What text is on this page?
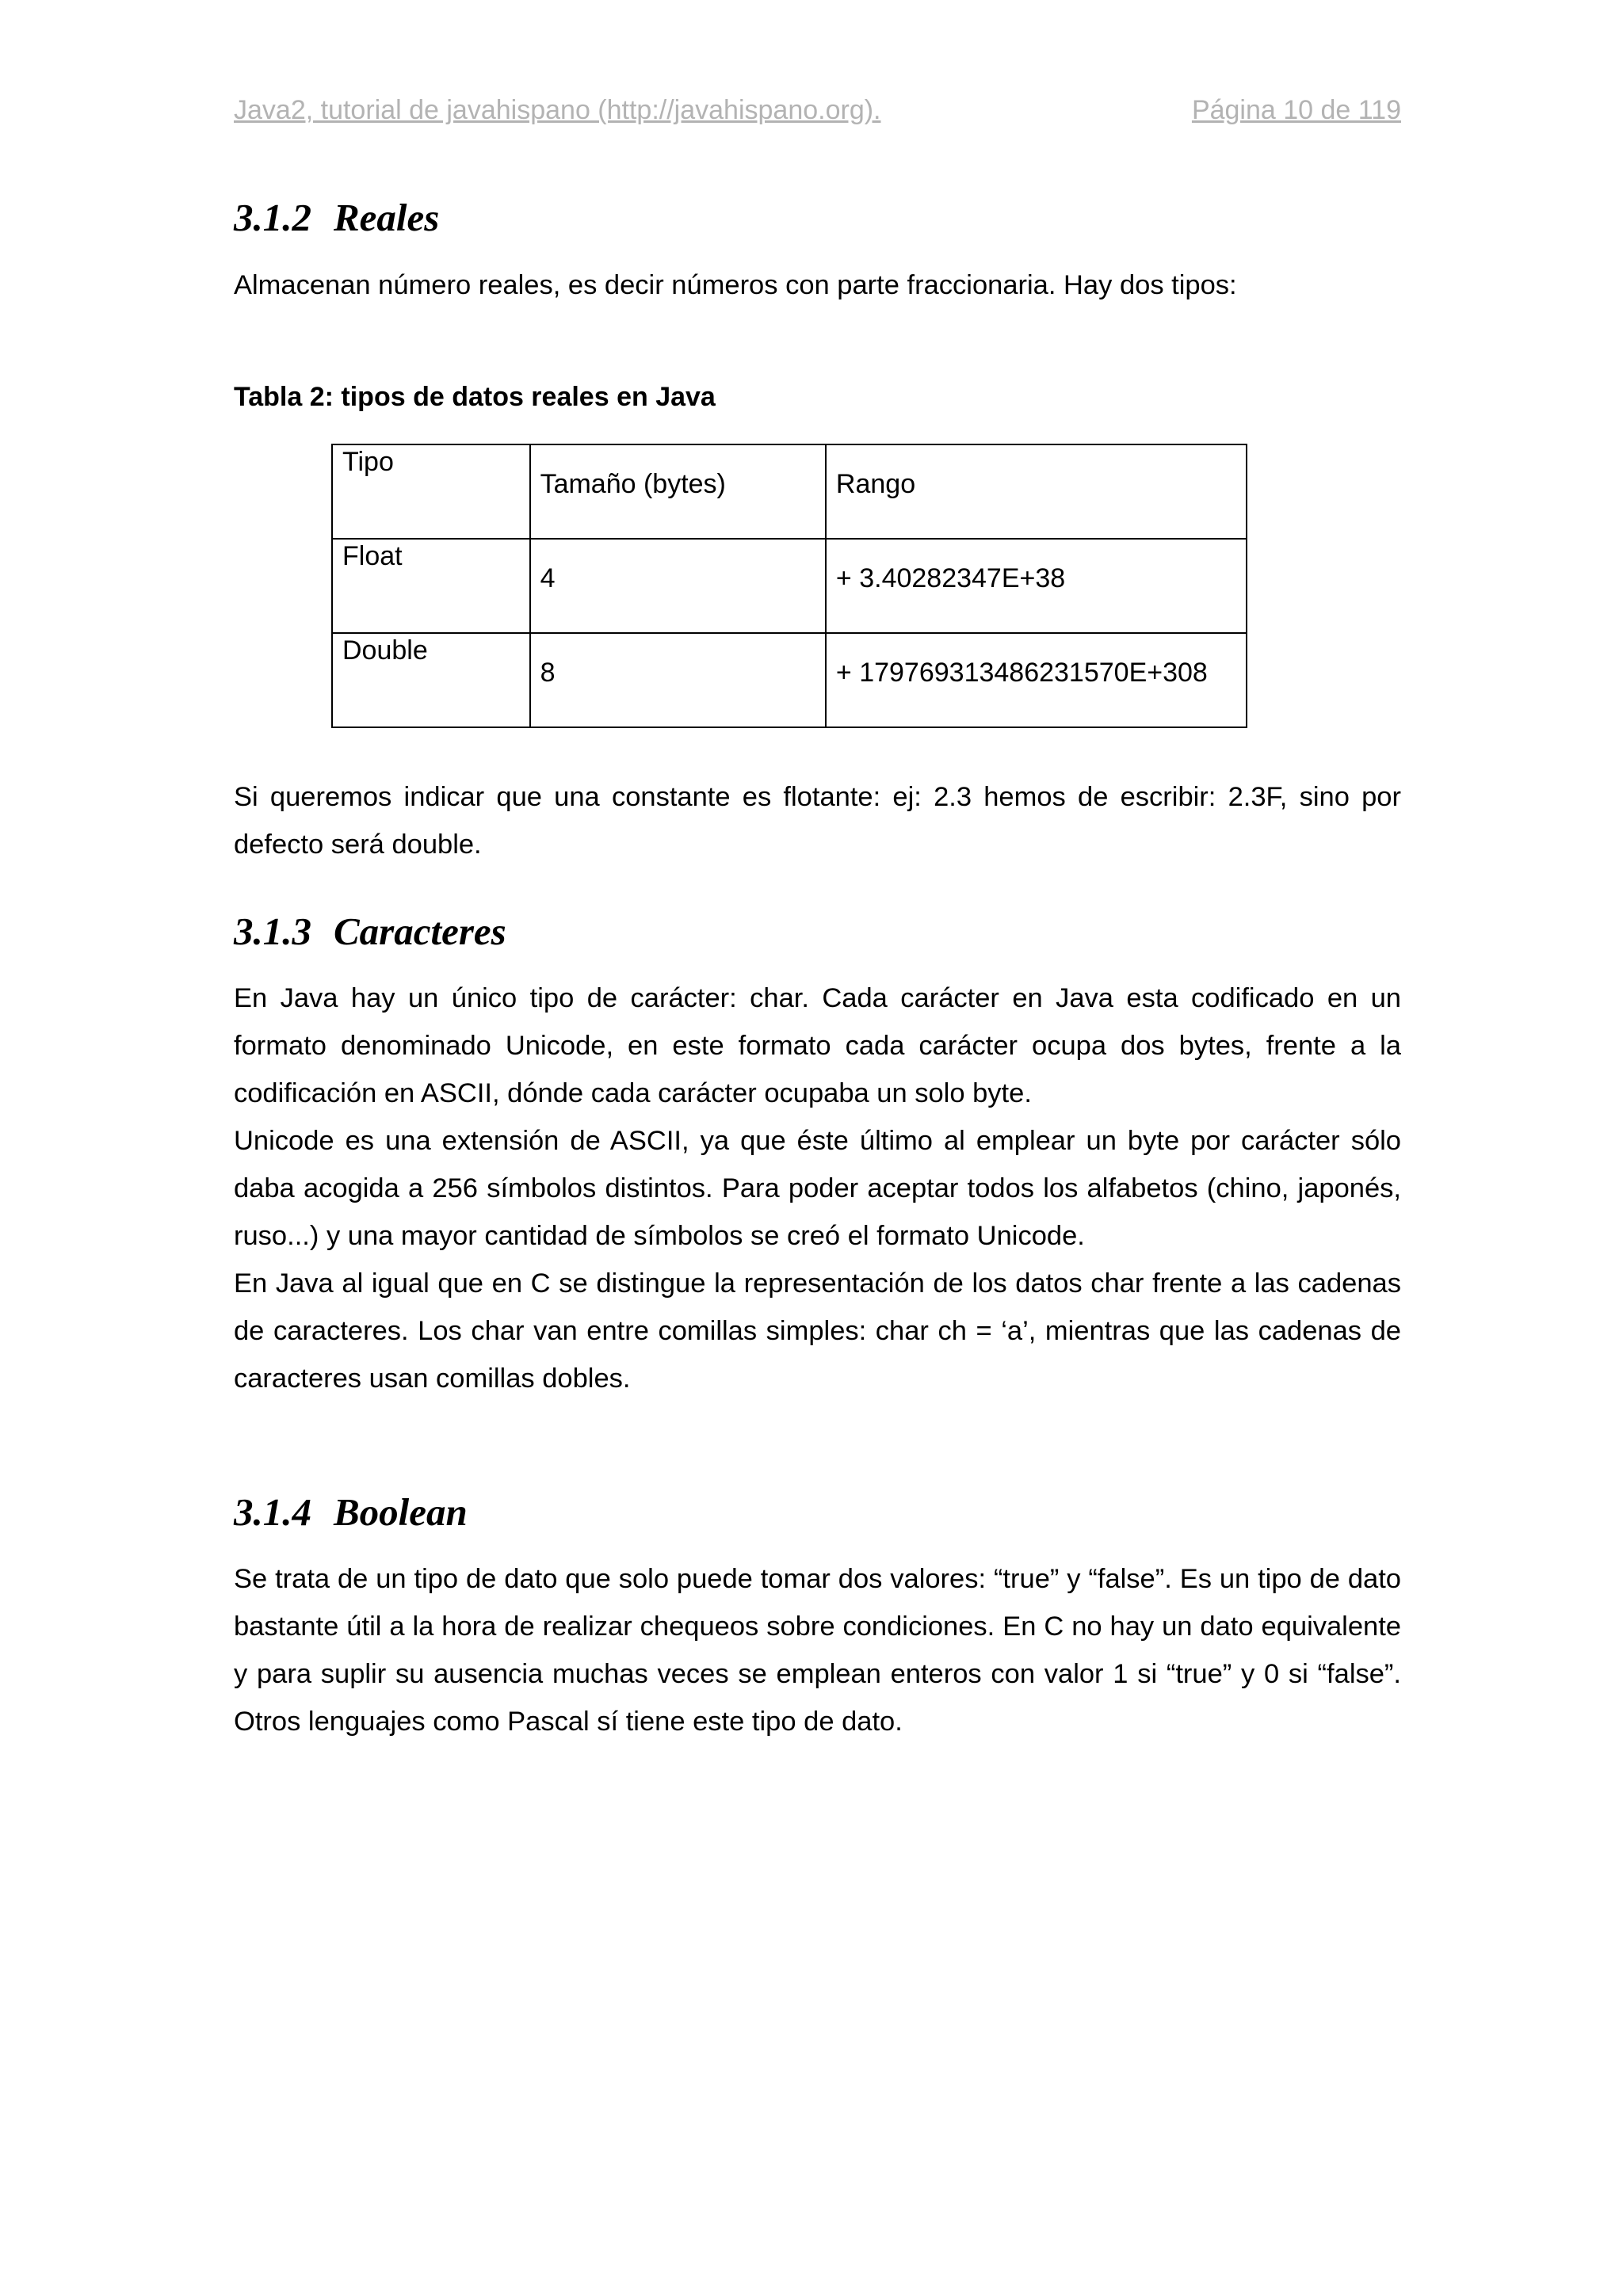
Java2, tutorial de javahispano (http://javahispano.org).	Página 10 de 119
3.1.2 Reales

Almacenan número reales, es decir números con parte fraccionaria. Hay dos tipos:

Tabla 2: tipos de datos reales en Java

Tipo	Tamaño (bytes)	Rango

Float	4	+ 3.40282347E+38

Double	8	+ 179769313486231570E+308

Si queremos indicar que una constante es flotante: ej: 2.3 hemos de escribir: 2.3F, sino por defecto será double.

3.1.3 Caracteres

En Java hay un único tipo de carácter: char. Cada carácter en Java esta codificado en un formato denominado Unicode, en este formato cada carácter ocupa dos bytes, frente a la codificación en ASCII, dónde cada carácter ocupaba un solo byte.

Unicode es una extensión de ASCII, ya que éste último al emplear un byte por carácter sólo daba acogida a 256 símbolos distintos. Para poder aceptar todos los alfabetos (chino, japonés, ruso...) y una mayor cantidad de símbolos se creó el formato Unicode.

En Java al igual que en C se distingue la representación de los datos char frente a las cadenas de caracteres. Los char van entre comillas simples: char ch = ‘a’, mientras que las cadenas de caracteres usan comillas dobles.

3.1.4 Boolean

Se trata de un tipo de dato que solo puede tomar dos valores: “true” y “false”. Es un tipo de dato bastante útil a la hora de realizar chequeos sobre condiciones. En C no hay un dato equivalente y para suplir su ausencia muchas veces se emplean enteros con valor 1 si “true” y 0 si “false”. Otros lenguajes como Pascal sí tiene este tipo de dato.
